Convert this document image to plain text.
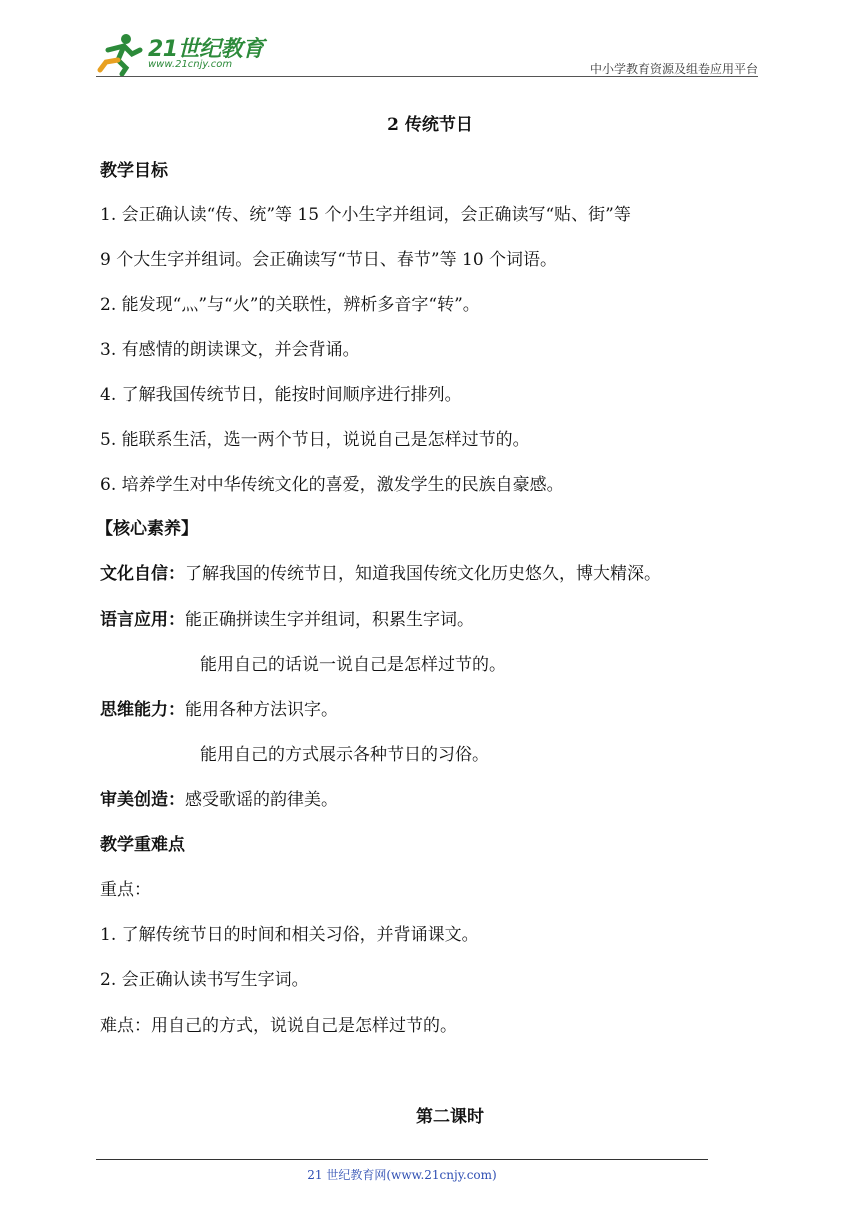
21世纪教育
www.21cnjy.com	中小学教育资源及组卷应用平台
2 传统节日
教学目标
1. 会正确认读“传、统”等 15 个小生字并组词，会正确读写“贴、街”等
9 个大生字并组词。会正确读写“节日、春节”等 10 个词语。
2. 能发现“灬”与“火”的关联性，辨析多音字“转”。
3. 有感情的朗读课文，并会背诵。
4. 了解我国传统节日，能按时间顺序进行排列。
5. 能联系生活，选一两个节日，说说自己是怎样过节的。
6. 培养学生对中华传统文化的喜爱，激发学生的民族自豪感。
【核心素养】
文化自信：了解我国的传统节日，知道我国传统文化历史悠久，博大精深。
语言应用：能正确拼读生字并组词，积累生字词。
能用自己的话说一说自己是怎样过节的。
思维能力：能用各种方法识字。
能用自己的方式展示各种节日的习俗。
审美创造：感受歌谣的韵律美。
教学重难点
重点：
1. 了解传统节日的时间和相关习俗，并背诵课文。
2. 会正确认读书写生字词。
难点：用自己的方式，说说自己是怎样过节的。
第二课时
21 世纪教育网(www.21cnjy.com)
